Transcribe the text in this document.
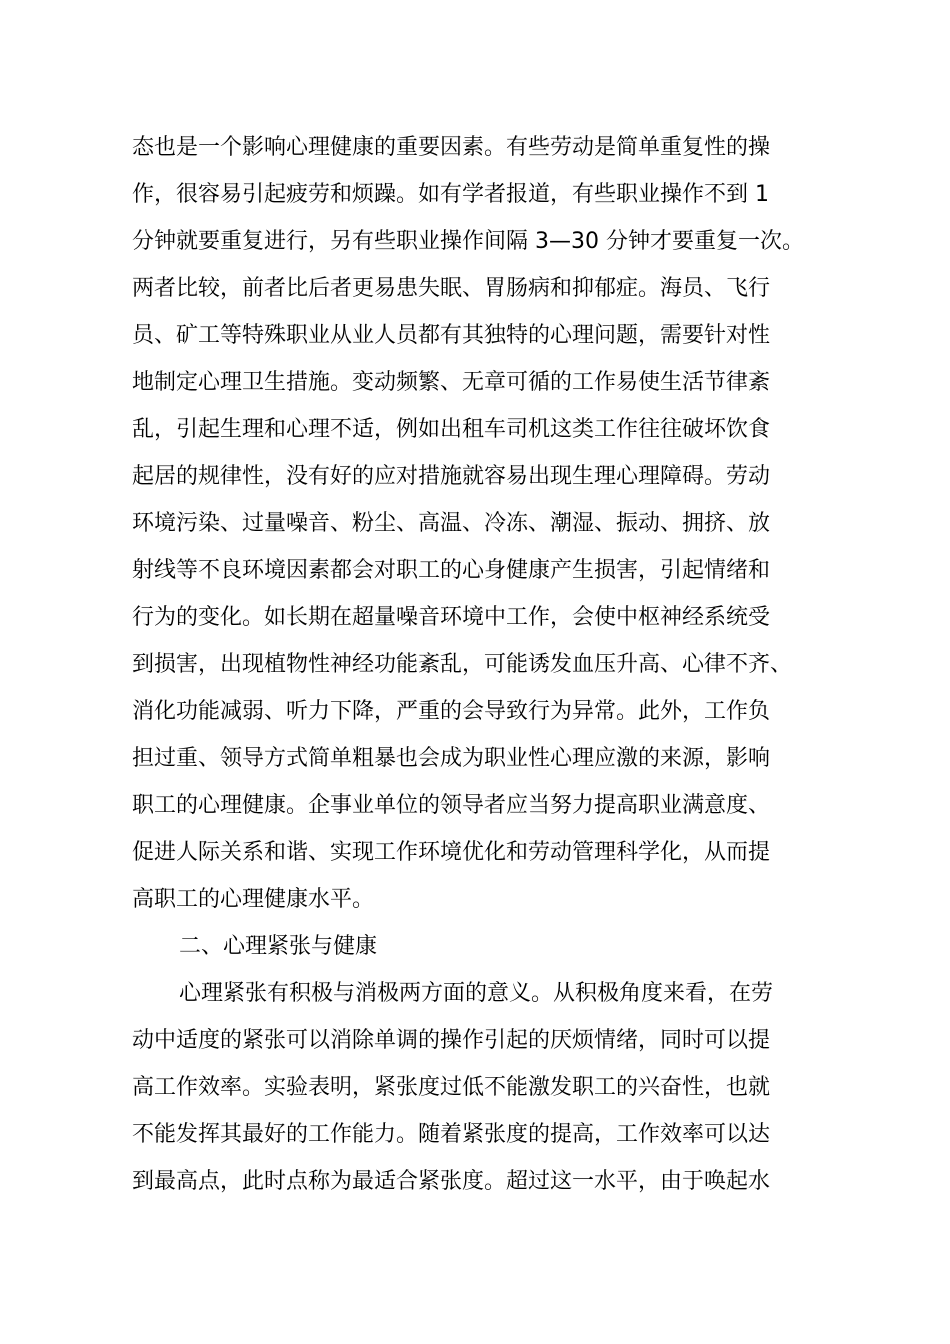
态也是一个影响心理健康的重要因素。有些劳动是简单重复性的操
作，很容易引起疲劳和烦躁。如有学者报道，有些职业操作不到 1
分钟就要重复进行，另有些职业操作间隔 3—30 分钟才要重复一次。
两者比较，前者比后者更易患失眠、胃肠病和抑郁症。海员、飞行
员、矿工等特殊职业从业人员都有其独特的心理问题，需要针对性
地制定心理卫生措施。变动频繁、无章可循的工作易使生活节律紊
乱，引起生理和心理不适，例如出租车司机这类工作往往破坏饮食
起居的规律性，没有好的应对措施就容易出现生理心理障碍。劳动
环境污染、过量噪音、粉尘、高温、冷冻、潮湿、振动、拥挤、放
射线等不良环境因素都会对职工的心身健康产生损害，引起情绪和
行为的变化。如长期在超量噪音环境中工作，会使中枢神经系统受
到损害，出现植物性神经功能紊乱，可能诱发血压升高、心律不齐、
消化功能减弱、听力下降，严重的会导致行为异常。此外，工作负
担过重、领导方式简单粗暴也会成为职业性心理应激的来源，影响
职工的心理健康。企事业单位的领导者应当努力提高职业满意度、
促进人际关系和谐、实现工作环境优化和劳动管理科学化，从而提
高职工的心理健康水平。
二、心理紧张与健康
心理紧张有积极与消极两方面的意义。从积极角度来看，在劳
动中适度的紧张可以消除单调的操作引起的厌烦情绪，同时可以提
高工作效率。实验表明，紧张度过低不能激发职工的兴奋性，也就
不能发挥其最好的工作能力。随着紧张度的提高，工作效率可以达
到最高点，此时点称为最适合紧张度。超过这一水平，由于唤起水
